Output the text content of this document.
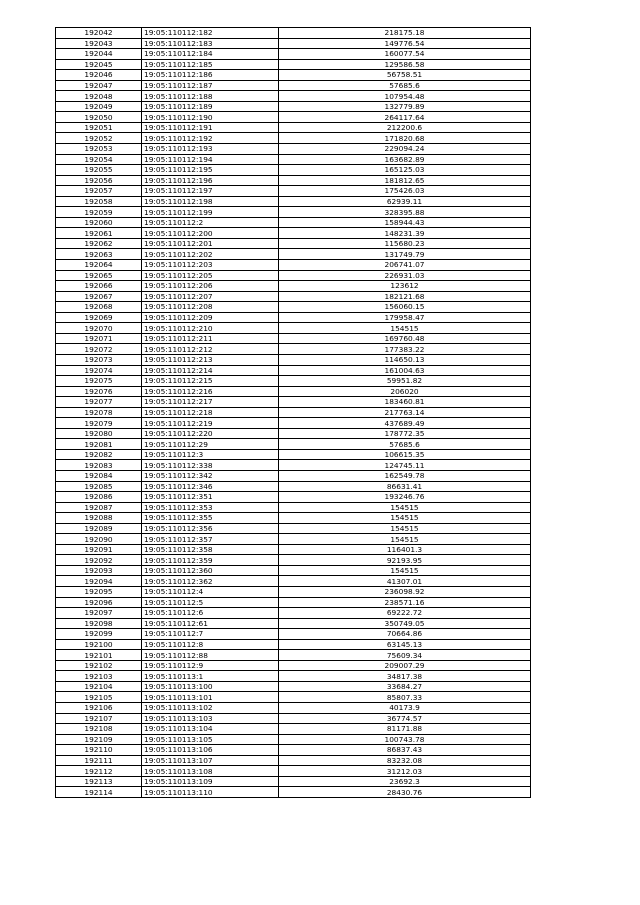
192042	19:05:110112:182	218175.18
192043	19:05:110112:183	149776.54
192044	19:05:110112:184	160077.54
192045	19:05:110112:185	129586.58
192046	19:05:110112:186	56758.51
192047	19:05:110112:187	57685.6
192048	19:05:110112:188	107954.48
192049	19:05:110112:189	132779.89
192050	19:05:110112:190	264117.64
192051	19:05:110112:191	212200.6
192052	19:05:110112:192	171820.68
192053	19:05:110112:193	229094.24
192054	19:05:110112:194	163682.89
192055	19:05:110112:195	165125.03
192056	19:05:110112:196	181812.65
192057	19:05:110112:197	175426.03
192058	19:05:110112:198	62939.11
192059	19:05:110112:199	328395.88
192060	19:05:110112:2	158944.43
192061	19:05:110112:200	148231.39
192062	19:05:110112:201	115680.23
192063	19:05:110112:202	131749.79
192064	19:05:110112:203	206741.07
192065	19:05:110112:205	226931.03
192066	19:05:110112:206	123612
192067	19:05:110112:207	182121.68
192068	19:05:110112:208	156060.15
192069	19:05:110112:209	179958.47
192070	19:05:110112:210	154515
192071	19:05:110112:211	169760.48
192072	19:05:110112:212	177383.22
192073	19:05:110112:213	114650.13
192074	19:05:110112:214	161004.63
192075	19:05:110112:215	59951.82
192076	19:05:110112:216	206020
192077	19:05:110112:217	183460.81
192078	19:05:110112:218	217763.14
192079	19:05:110112:219	437689.49
192080	19:05:110112:220	178772.35
192081	19:05:110112:29	57685.6
192082	19:05:110112:3	106615.35
192083	19:05:110112:338	124745.11
192084	19:05:110112:342	162549.78
192085	19:05:110112:346	86631.41
192086	19:05:110112:351	193246.76
192087	19:05:110112:353	154515
192088	19:05:110112:355	154515
192089	19:05:110112:356	154515
192090	19:05:110112:357	154515
192091	19:05:110112:358	116401.3
192092	19:05:110112:359	92193.95
192093	19:05:110112:360	154515
192094	19:05:110112:362	41307.01
192095	19:05:110112:4	236098.92
192096	19:05:110112:5	238571.16
192097	19:05:110112:6	69222.72
192098	19:05:110112:61	350749.05
192099	19:05:110112:7	70664.86
192100	19:05:110112:8	63145.13
192101	19:05:110112:88	75609.34
192102	19:05:110112:9	209007.29
192103	19:05:110113:1	34817.38
192104	19:05:110113:100	33684.27
192105	19:05:110113:101	85807.33
192106	19:05:110113:102	40173.9
192107	19:05:110113:103	36774.57
192108	19:05:110113:104	81171.88
192109	19:05:110113:105	100743.78
192110	19:05:110113:106	86837.43
192111	19:05:110113:107	83232.08
192112	19:05:110113:108	31212.03
192113	19:05:110113:109	23692.3
192114	19:05:110113:110	28430.76
